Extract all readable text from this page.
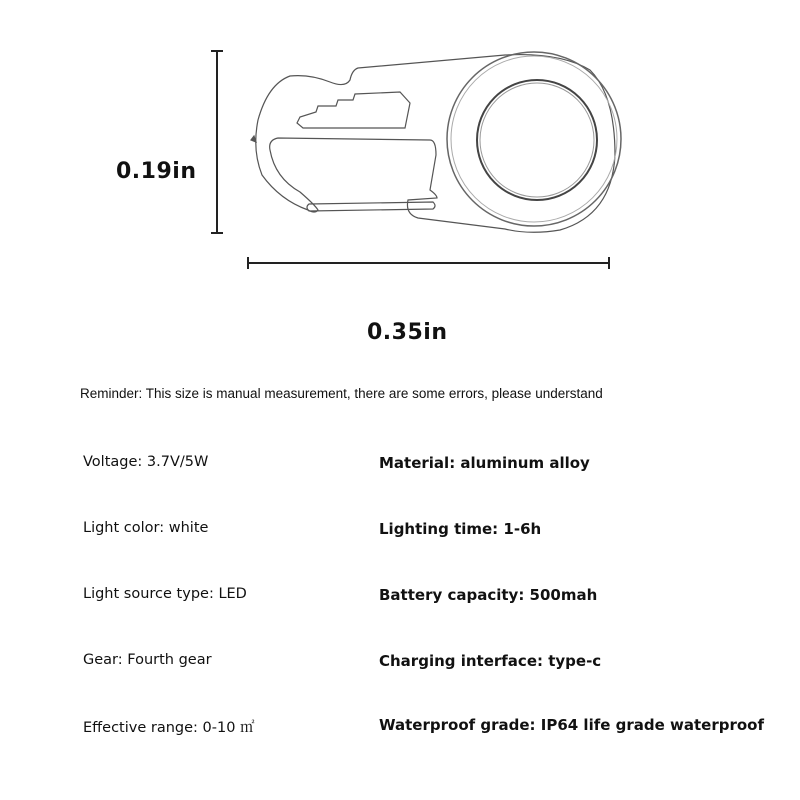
0.19in
0.35in
Reminder: This size is manual measurement, there are some errors, please understand
Voltage: 3.7V/5W
Light color: white
Light source type: LED
Gear: Fourth gear
Effective range: 0-10 ㎡
Material: aluminum alloy
Lighting time: 1-6h
Battery capacity: 500mah
Charging interface: type-c
Waterproof grade: IP64 life grade waterproof
